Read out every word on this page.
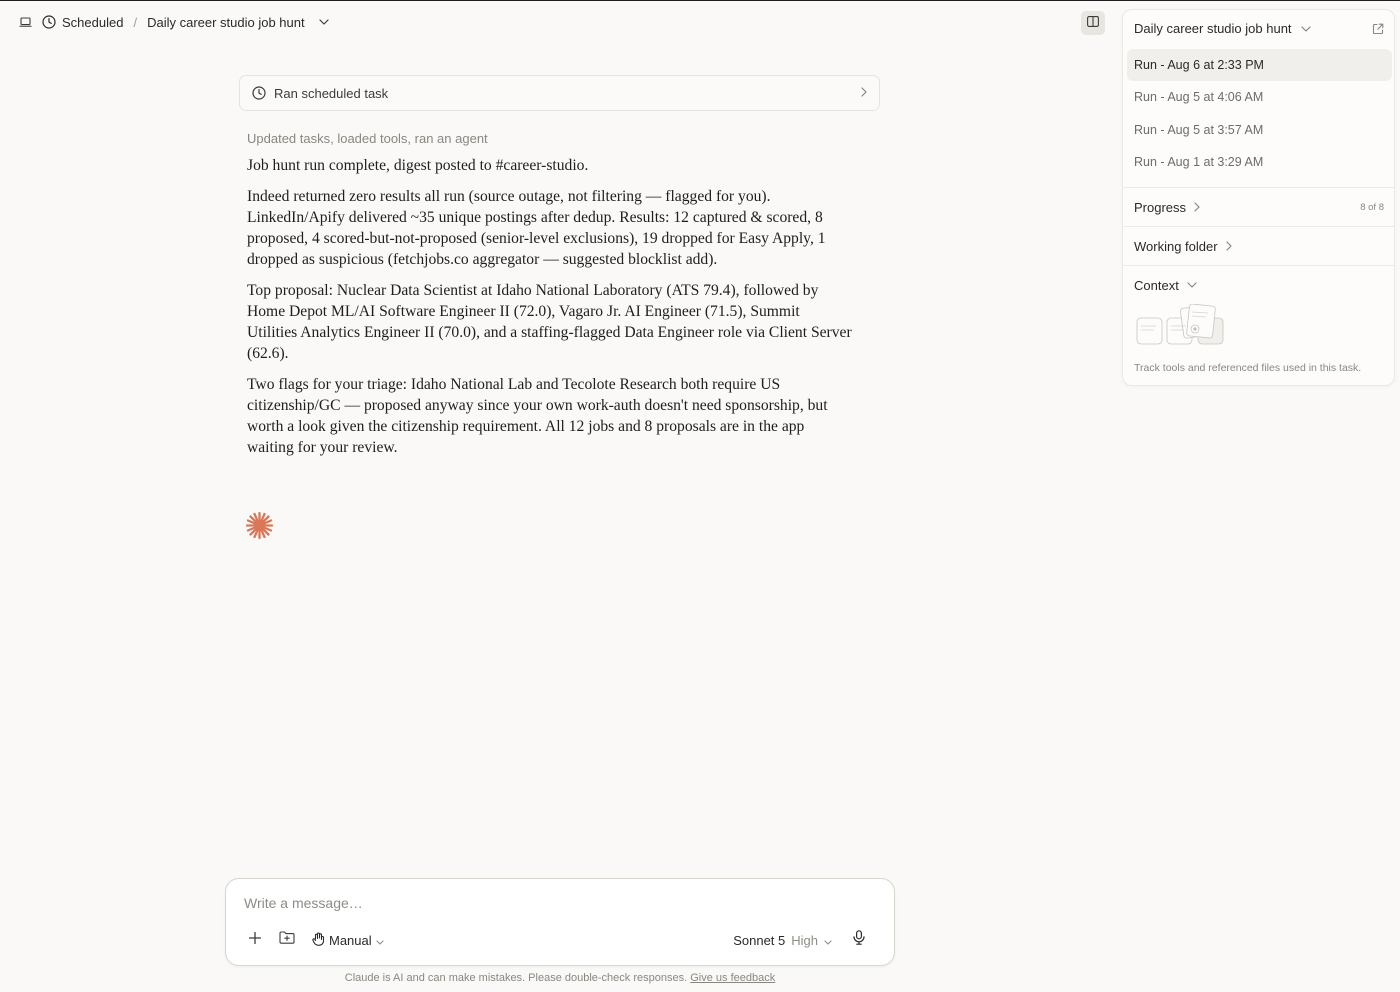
Scheduled / Daily career studio job hunt
Ran scheduled task
Updated tasks, loaded tools, ran an agent

Job hunt run complete, digest posted to #career-studio.

Indeed returned zero results all run (source outage, not filtering — flagged for you). LinkedIn/Apify delivered ~35 unique postings after dedup. Results: 12 captured & scored, 8 proposed, 4 scored-but-not-proposed (senior-level exclusions), 19 dropped for Easy Apply, 1 dropped as suspicious (fetchjobs.co aggregator — suggested blocklist add).

Top proposal: Nuclear Data Scientist at Idaho National Laboratory (ATS 79.4), followed by Home Depot ML/AI Software Engineer II (72.0), Vagaro Jr. AI Engineer (71.5), Summit Utilities Analytics Engineer II (70.0), and a staffing-flagged Data Engineer role via Client Server (62.6).

Two flags for your triage: Idaho National Lab and Tecolote Research both require US citizenship/GC — proposed anyway since your own work-auth doesn't need sponsorship, but worth a look given the citizenship requirement. All 12 jobs and 8 proposals are in the app waiting for your review.

Write a message…
Manual	Sonnet 5 High
Claude is AI and can make mistakes. Please double-check responses. Give us feedback
Daily career studio job hunt
Run - Aug 6 at 2:33 PM
Run - Aug 5 at 4:06 AM
Run - Aug 5 at 3:57 AM
Run - Aug 1 at 3:29 AM
Progress	8 of 8
Working folder
Context
Track tools and referenced files used in this task.
